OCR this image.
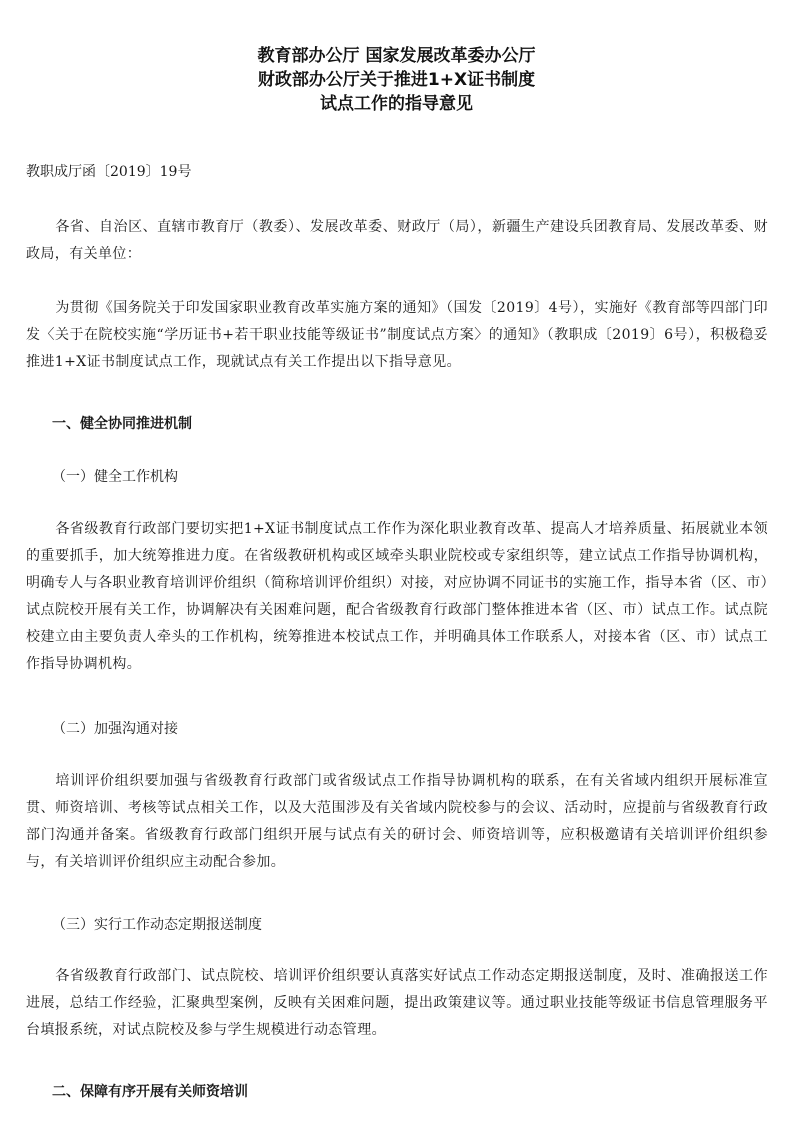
教育部办公厅 国家发展改革委办公厅
财政部办公厅关于推进1+X证书制度
试点工作的指导意见
教职成厅函〔2019〕19号
各省、自治区、直辖市教育厅（教委）、发展改革委、财政厅（局），新疆生产建设兵团教育局、发展改革委、财政局，有关单位：
为贯彻《国务院关于印发国家职业教育改革实施方案的通知》（国发〔2019〕4号），实施好《教育部等四部门印发〈关于在院校实施“学历证书+若干职业技能等级证书”制度试点方案〉的通知》（教职成〔2019〕6号），积极稳妥推进1+X证书制度试点工作，现就试点有关工作提出以下指导意见。
一、健全协同推进机制
（一）健全工作机构
各省级教育行政部门要切实把1+X证书制度试点工作作为深化职业教育改革、提高人才培养质量、拓展就业本领的重要抓手，加大统筹推进力度。在省级教研机构或区域牵头职业院校或专家组织等，建立试点工作指导协调机构，明确专人与各职业教育培训评价组织（简称培训评价组织）对接，对应协调不同证书的实施工作，指导本省（区、市）试点院校开展有关工作，协调解决有关困难问题，配合省级教育行政部门整体推进本省（区、市）试点工作。试点院校建立由主要负责人牵头的工作机构，统筹推进本校试点工作，并明确具体工作联系人，对接本省（区、市）试点工作指导协调机构。
（二）加强沟通对接
培训评价组织要加强与省级教育行政部门或省级试点工作指导协调机构的联系，在有关省域内组织开展标准宣贯、师资培训、考核等试点相关工作，以及大范围涉及有关省域内院校参与的会议、活动时，应提前与省级教育行政部门沟通并备案。省级教育行政部门组织开展与试点有关的研讨会、师资培训等，应积极邀请有关培训评价组织参与，有关培训评价组织应主动配合参加。
（三）实行工作动态定期报送制度
各省级教育行政部门、试点院校、培训评价组织要认真落实好试点工作动态定期报送制度，及时、准确报送工作进展，总结工作经验，汇聚典型案例，反映有关困难问题，提出政策建议等。通过职业技能等级证书信息管理服务平台填报系统，对试点院校及参与学生规模进行动态管理。
二、保障有序开展有关师资培训
